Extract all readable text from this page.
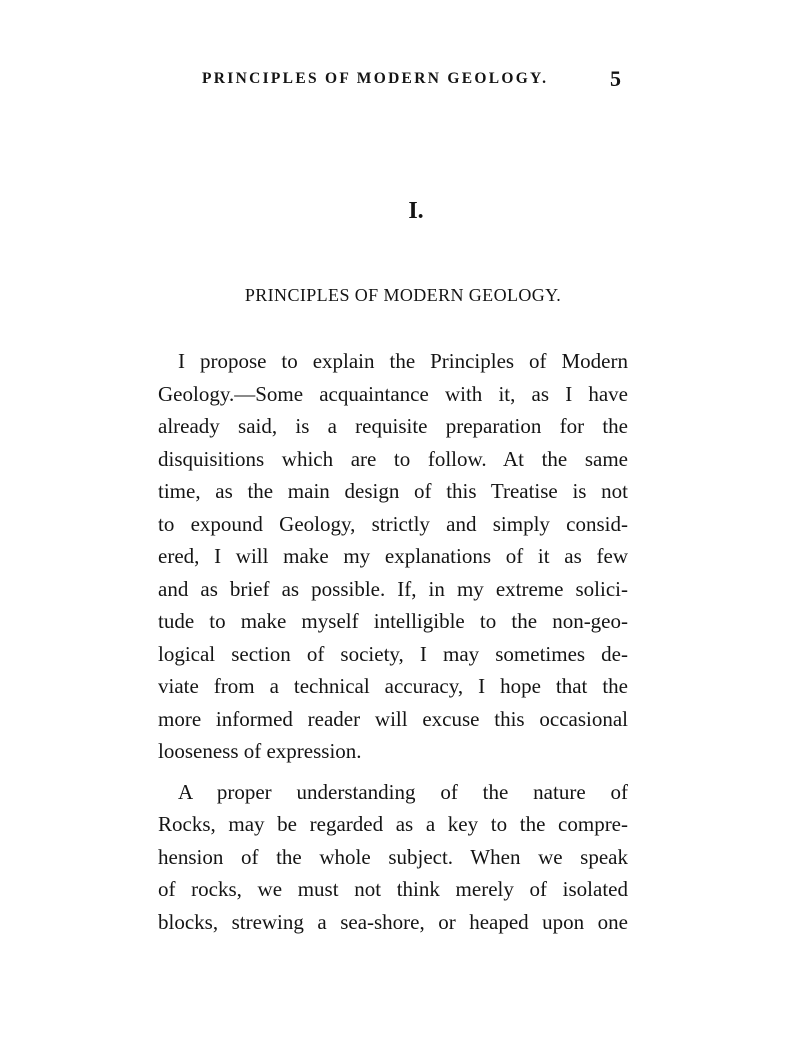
PRINCIPLES OF MODERN GEOLOGY.	5
I.
PRINCIPLES OF MODERN GEOLOGY.
I propose to explain the Principles of Modern
Geology.—Some acquaintance with it, as I have
already said, is a requisite preparation for the
disquisitions which are to follow. At the same
time, as the main design of this Treatise is not
to expound Geology, strictly and simply consid-
ered, I will make my explanations of it as few
and as brief as possible. If, in my extreme solici-
tude to make myself intelligible to the non-geo-
logical section of society, I may sometimes de-
viate from a technical accuracy, I hope that the
more informed reader will excuse this occasional
looseness of expression.
A proper understanding of the nature of
Rocks, may be regarded as a key to the compre-
hension of the whole subject. When we speak
of rocks, we must not think merely of isolated
blocks, strewing a sea-shore, or heaped upon one
